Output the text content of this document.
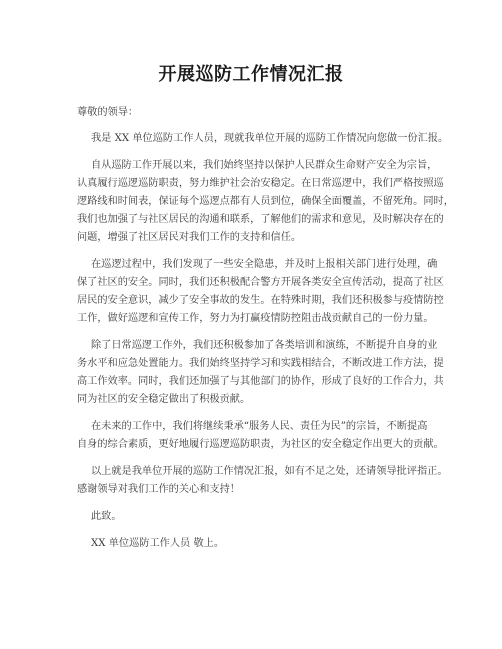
开展巡防工作情况汇报
尊敬的领导：
我是 XX 单位巡防工作人员，现就我单位开展的巡防工作情况向您做一份汇报。
自从巡防工作开展以来，我们始终坚持以保护人民群众生命财产安全为宗旨，
认真履行巡逻巡防职责，努力维护社会治安稳定。在日常巡逻中，我们严格按照巡
逻路线和时间表，保证每个巡逻点都有人员到位，确保全面覆盖，不留死角。同时，
我们也加强了与社区居民的沟通和联系，了解他们的需求和意见，及时解决存在的
问题，增强了社区居民对我们工作的支持和信任。
在巡逻过程中，我们发现了一些安全隐患，并及时上报相关部门进行处理，确
保了社区的安全。同时，我们还积极配合警方开展各类安全宣传活动，提高了社区
居民的安全意识，减少了安全事故的发生。在特殊时期，我们还积极参与疫情防控
工作，做好巡逻和宣传工作，努力为打赢疫情防控阻击战贡献自己的一份力量。
除了日常巡逻工作外，我们还积极参加了各类培训和演练，不断提升自身的业
务水平和应急处置能力。我们始终坚持学习和实践相结合，不断改进工作方法，提
高工作效率。同时，我们还加强了与其他部门的协作，形成了良好的工作合力，共
同为社区的安全稳定做出了积极贡献。
在未来的工作中，我们将继续秉承“服务人民、责任为民”的宗旨，不断提高
自身的综合素质，更好地履行巡逻巡防职责，为社区的安全稳定作出更大的贡献。
以上就是我单位开展的巡防工作情况汇报，如有不足之处，还请领导批评指正。
感谢领导对我们工作的关心和支持！
此致。
XX 单位巡防工作人员 敬上。
